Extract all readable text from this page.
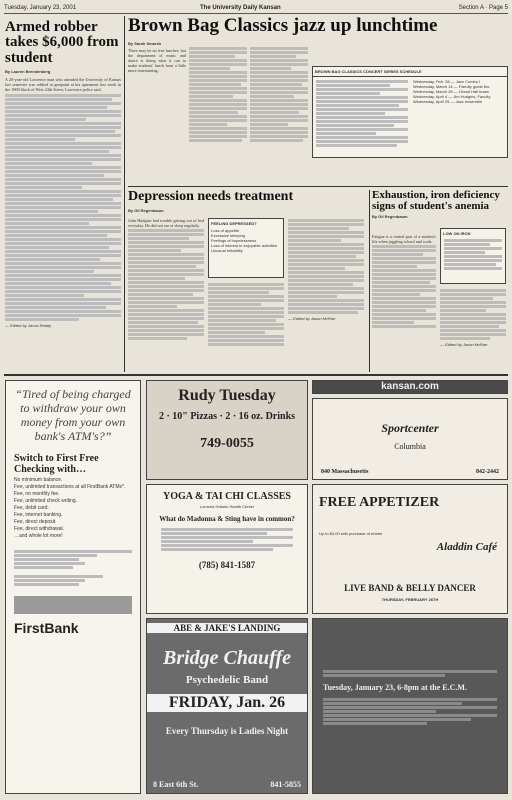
Tuesday, January 23, 2001	The University Daily Kansan	Section A · Page 5
Armed robber takes $6,000 from student
By Lauren Breedenberg
A 20-year-old Lawrence man who attended the University of Kansas last semester was robbed at gunpoint at his apartment last week in the 1900 block of West 24th Street, Lawrence police said.
— Edited by Jacob Reddy
Brown Bag Classics jazz up lunchtime
By Sarah Smarsh
There may be no free lunches, but the department of music and dance is doing what it can to make students' lunch hour a little more entertaining.	BROWN BAG CLASSICS CONCERT SERIES SCHEDULE
Wednesday, Feb. 28 — Jazz Combo I
Wednesday, March 14 — Faculty guest trio
Wednesday, March 28 — Oread Hall brass
Wednesday, April 4 — Jim Hudgins, Faculty
Wednesday, April 25 — Jazz ensemble
Depression needs treatment
By Gil Regenbaum
John Hudgins had trouble getting out of bed everyday. He did not eat or sleep regularly.	FEELING DEPRESSED?
Loss of appetite
Excessive sleeping
Feelings of hopelessness
Loss of interest in enjoyable activities
Unusual irritability
— Edited by Jason McRae
Exhaustion, iron deficiency signs of student's anemia
By Gil Regenbaum
Fatigue is a central part of a student's life when juggling school and work.
LOW ON IRON
— Edited by Jason McRae
“Tired of being charged to withdraw your own money from your own bank's ATM's?”
Switch to First Free Checking with…
No minimum balance.
Fee, unlimited transactions at all FirstBank ATMs*.
Fee, no monthly fee.
Fee, unlimited check writing.
Fee, debit card.
Fee, internet banking.
Fee, direct deposit.
Fee, direct withdrawal.
…and whole lot more!
FirstBank
Rudy Tuesday
2 · 10" Pizzas · 2 · 16 oz. Drinks
749-0055
kansan.com
Sportcenter
Columbia
840 Massachusetts	842-2442
YOGA & TAI CHI CLASSES
Lumoria Holistic Health Center
What do Madonna & Sting have in common?
(785) 841-1587
FREE APPETIZER
Up to $4.00 with purchase of entree
Aladdin Café
LIVE BAND & BELLY DANCER
THURSDAY, FEBRUARY 26TH
ABE & JAKE'S LANDING
Bridge Chauffe
Psychedelic Band
FRIDAY, Jan. 26
Every Thursday is Ladies Night
8 East 6th St.	841-5855
Tuesday, January 23, 6-8pm at the E.C.M.
